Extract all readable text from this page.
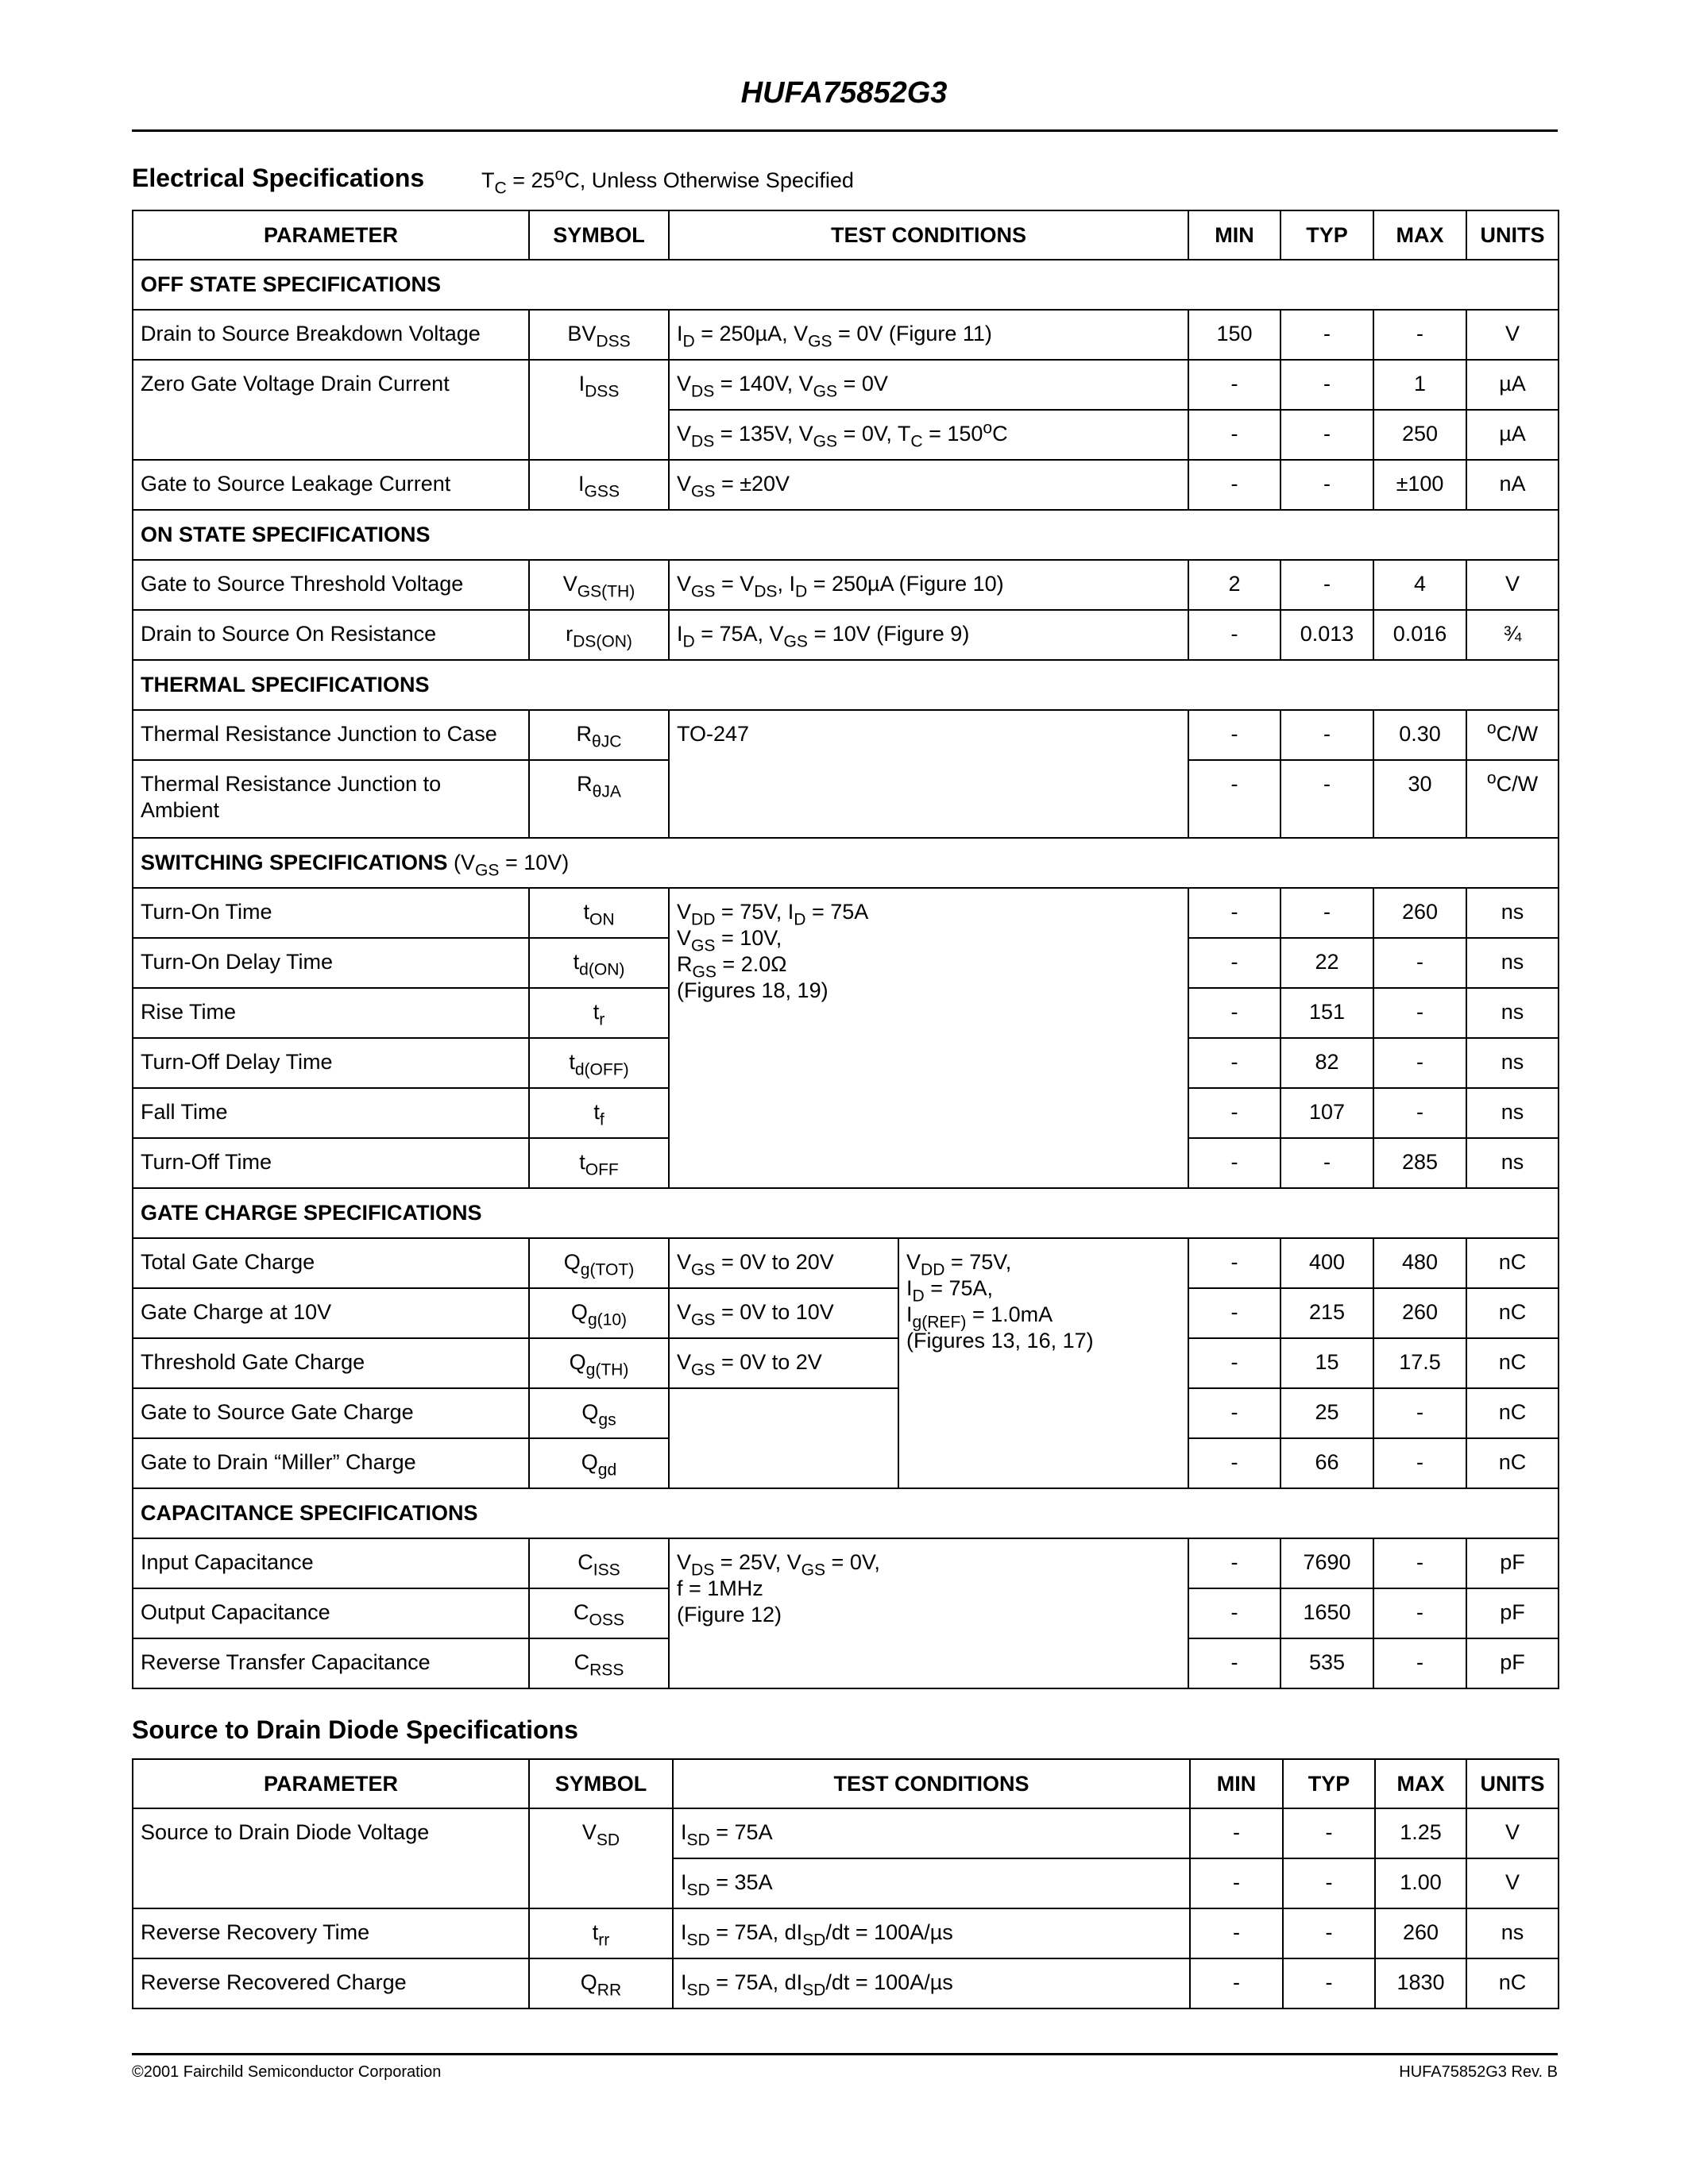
HUFA75852G3
Electrical Specifications	$T_C = 25^oC$, Unless Otherwise Specified
PARAMETER	SYMBOL	TEST CONDITIONS		MIN	TYP	MAX	UNITS
OFF STATE SPECIFICATIONS							
Drain to Source Breakdown Voltage	$BV_{DSS}$	$I_D = 250\mu A$, $V_{GS} = 0V$ (Figure 11)		150	-	-	V
Zero Gate Voltage Drain Current	$I_{DSS}$	$V_{DS} = 140V$, $V_{GS} = 0V$		-	-	1	µA
		$V_{DS} = 135V$, $V_{GS} = 0V$, $T_C = 150^oC$		-	-	250	µA
Gate to Source Leakage Current	$I_{GSS}$	$V_{GS} = \pm 20V$		-	-	±100	nA
ON STATE SPECIFICATIONS							
Gate to Source Threshold Voltage	$V_{GS(TH)}$	$V_{GS} = V_{DS}$, $I_D = 250\mu A$ (Figure 10)		2	-	4	V
Drain to Source On Resistance	$r_{DS(ON)}$	$I_D = 75A$, $V_{GS} = 10V$ (Figure 9)		-	0.013	0.016	¾
THERMAL SPECIFICATIONS							
Thermal Resistance Junction to Case	$R_{\theta JC}$	TO-247		-	-	0.30	$^o$C/W
Thermal Resistance Junction to Ambient	$R_{\theta JA}$			-	-	30	$^o$C/W
SWITCHING SPECIFICATIONS $(V_{GS} = 10V)$							
Turn-On Time	$t_{ON}$	$V_{DD} = 75V$, $I_D = 75A$
$V_{GS} = 10V$,
$R_{GS} = 2.0\Omega$
(Figures 18, 19)		-	-	260	ns
Turn-On Delay Time	$t_{d(ON)}$			-	22	-	ns
Rise Time	$t_r$			-	151	-	ns
Turn-Off Delay Time	$t_{d(OFF)}$			-	82	-	ns
Fall Time	$t_f$			-	107	-	ns
Turn-Off Time	$t_{OFF}$			-	-	285	ns
GATE CHARGE SPECIFICATIONS							
Total Gate Charge	$Q_{g(TOT)}$	$V_{GS} = 0V$ to 20V	$V_{DD} = 75V$,
$I_D = 75A$,
$I_{g(REF)} = 1.0mA$
(Figures 13, 16, 17)	-	400	480	nC
Gate Charge at 10V	$Q_{g(10)}$	$V_{GS} = 0V$ to 10V		-	215	260	nC
Threshold Gate Charge	$Q_{g(TH)}$	$V_{GS} = 0V$ to 2V		-	15	17.5	nC
Gate to Source Gate Charge	$Q_{gs}$			-	25	-	nC
Gate to Drain “Miller” Charge	$Q_{gd}$			-	66	-	nC
CAPACITANCE SPECIFICATIONS							
Input Capacitance	$C_{ISS}$	$V_{DS} = 25V$, $V_{GS} = 0V$,
f = 1MHz
(Figure 12)		-	7690	-	pF
Output Capacitance	$C_{OSS}$			-	1650	-	pF
Reverse Transfer Capacitance	$C_{RSS}$			-	535	-	pF
Source to Drain Diode Specifications
PARAMETER	SYMBOL	TEST CONDITIONS	MIN	TYP	MAX	UNITS
Source to Drain Diode Voltage	$V_{SD}$	$I_{SD} = 75A$	-	-	1.25	V
		$I_{SD} = 35A$	-	-	1.00	V
Reverse Recovery Time	$t_{rr}$	$I_{SD} = 75A$, $dI_{SD}/dt = 100A/\mu s$	-	-	260	ns
Reverse Recovered Charge	$Q_{RR}$	$I_{SD} = 75A$, $dI_{SD}/dt = 100A/\mu s$	-	-	1830	nC
©2001 Fairchild Semiconductor Corporation	HUFA75852G3 Rev. B
